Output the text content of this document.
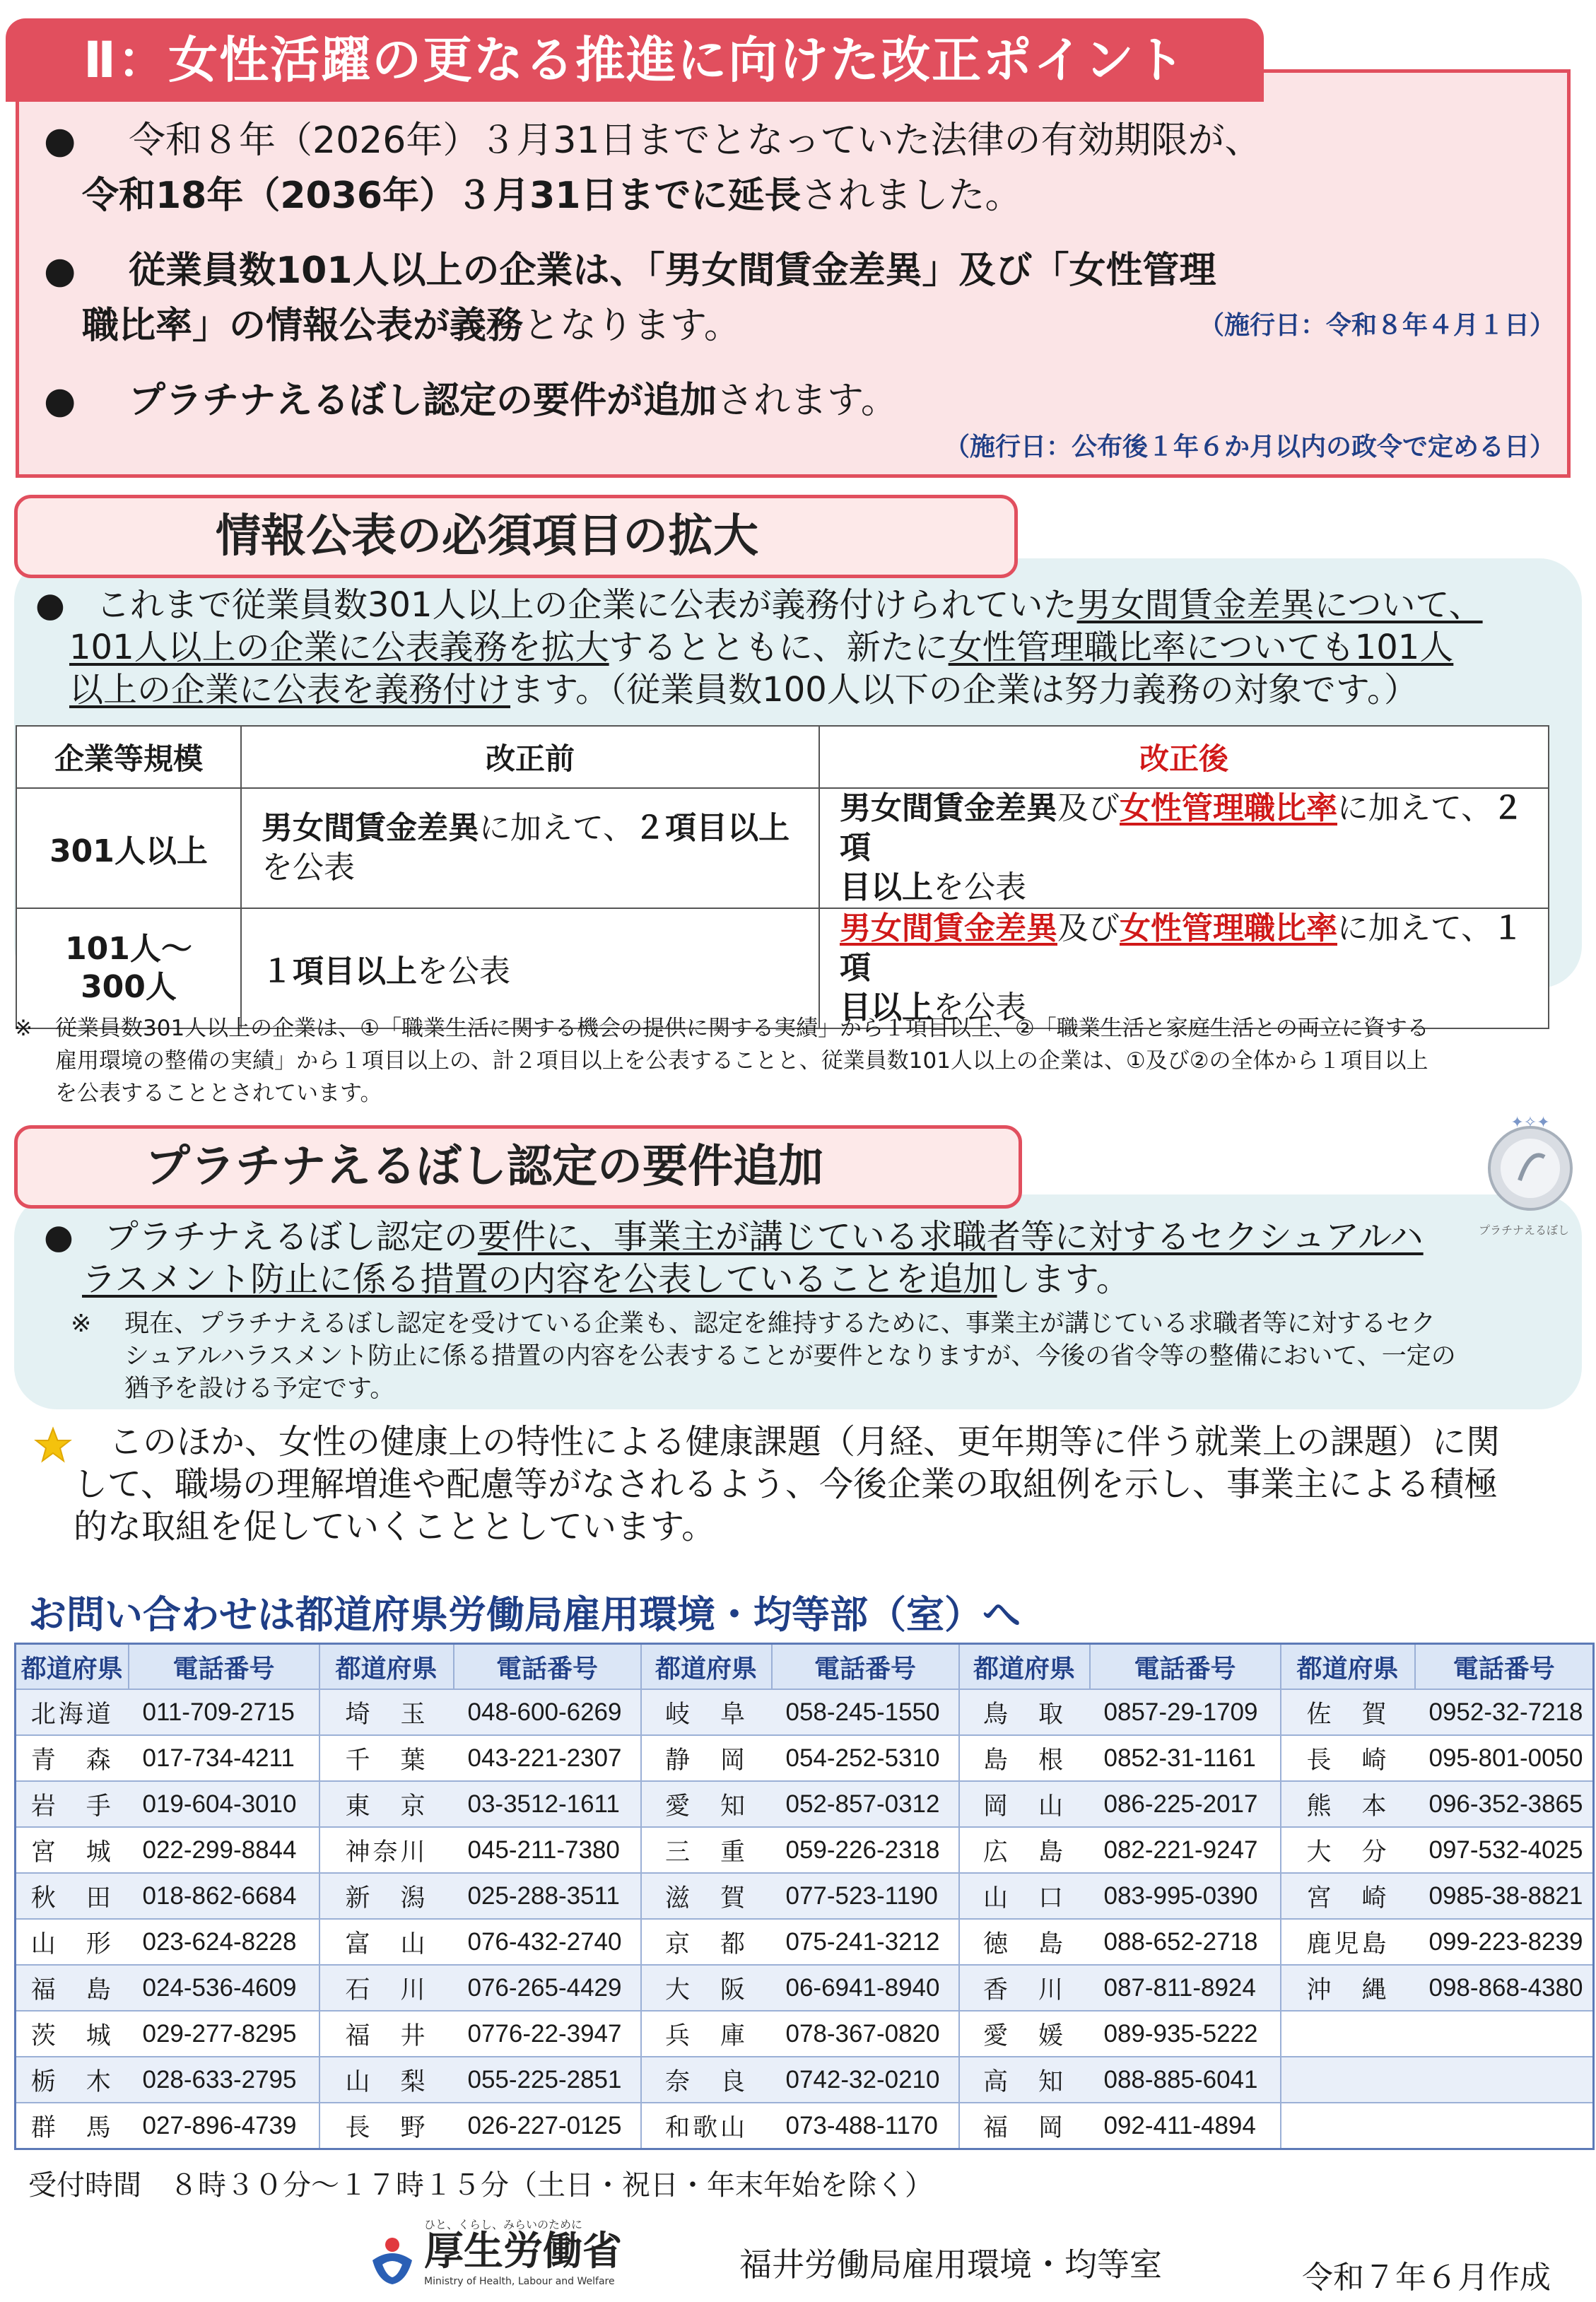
Ⅱ：女性活躍の更なる推進に向けた改正ポイント
● 令和８年（2026年）３月31日までとなっていた法律の有効期限が、
令和18年（2036年）３月31日までに延長されました。
● 従業員数101人以上の企業は、「男女間賃金差異」及び「女性管理
職比率」の情報公表が義務となります。	（施行日：令和８年４月１日）
● プラチナえるぼし認定の要件が追加されます。
（施行日：公布後１年６か月以内の政令で定める日）
情報公表の必須項目の拡大
● これまで従業員数301人以上の企業に公表が義務付けられていた男女間賃金差異について、
101人以上の企業に公表義務を拡大するとともに、新たに女性管理職比率についても101人
以上の企業に公表を義務付けます。（従業員数100人以下の企業は努力義務の対象です。）
企業等規模	改正前	改正後
301人以上	男女間賃金差異に加えて、２項目以上
を公表	男女間賃金差異及び女性管理職比率に加えて、２項
目以上を公表
101人～
300人	１項目以上を公表	男女間賃金差異及び女性管理職比率に加えて、１項
目以上を公表
※ 従業員数301人以上の企業は、①「職業生活に関する機会の提供に関する実績」から１項目以上、②「職業生活と家庭生活との両立に資する
雇用環境の整備の実績」から１項目以上の、計２項目以上を公表することと、従業員数101人以上の企業は、①及び②の全体から１項目以上
を公表することとされています。
プラチナえるぼし認定の要件追加
✦✧✦
プラチナえるぼし
● プラチナえるぼし認定の要件に、事業主が講じている求職者等に対するセクシュアルハ
ラスメント防止に係る措置の内容を公表していることを追加します。
※ 現在、プラチナえるぼし認定を受けている企業も、認定を維持するために、事業主が講じている求職者等に対するセク
シュアルハラスメント防止に係る措置の内容を公表することが要件となりますが、今後の省令等の整備において、一定の
猶予を設ける予定です。
このほか、女性の健康上の特性による健康課題（月経、更年期等に伴う就業上の課題）に関
して、職場の理解増進や配慮等がなされるよう、今後企業の取組例を示し、事業主による積極
的な取組を促していくこととしています。
お問い合わせは都道府県労働局雇用環境・均等部（室）へ
都道府県	電話番号	都道府県	電話番号	都道府県	電話番号	都道府県	電話番号	都道府県	電話番号
北海道	011-709-2715	埼　玉	048-600-6269	岐　阜	058-245-1550	鳥　取	0857-29-1709	佐　賀	0952-32-7218
青　森	017-734-4211	千　葉	043-221-2307	静　岡	054-252-5310	島　根	0852-31-1161	長　崎	095-801-0050
岩　手	019-604-3010	東　京	03-3512-1611	愛　知	052-857-0312	岡　山	086-225-2017	熊　本	096-352-3865
宮　城	022-299-8844	神奈川	045-211-7380	三　重	059-226-2318	広　島	082-221-9247	大　分	097-532-4025
秋　田	018-862-6684	新　潟	025-288-3511	滋　賀	077-523-1190	山　口	083-995-0390	宮　崎	0985-38-8821
山　形	023-624-8228	富　山	076-432-2740	京　都	075-241-3212	徳　島	088-652-2718	鹿児島	099-223-8239
福　島	024-536-4609	石　川	076-265-4429	大　阪	06-6941-8940	香　川	087-811-8924	沖　縄	098-868-4380
茨　城	029-277-8295	福　井	0776-22-3947	兵　庫	078-367-0820	愛　媛	089-935-5222		
栃　木	028-633-2795	山　梨	055-225-2851	奈　良	0742-32-0210	高　知	088-885-6041		
群　馬	027-896-4739	長　野	026-227-0125	和歌山	073-488-1170	福　岡	092-411-4894		
受付時間　８時３０分～１７時１５分（土日・祝日・年末年始を除く）
ひと、くらし、みらいのために
厚生労働省
Ministry of Health, Labour and Welfare	福井労働局雇用環境・均等室	令和７年６月作成
